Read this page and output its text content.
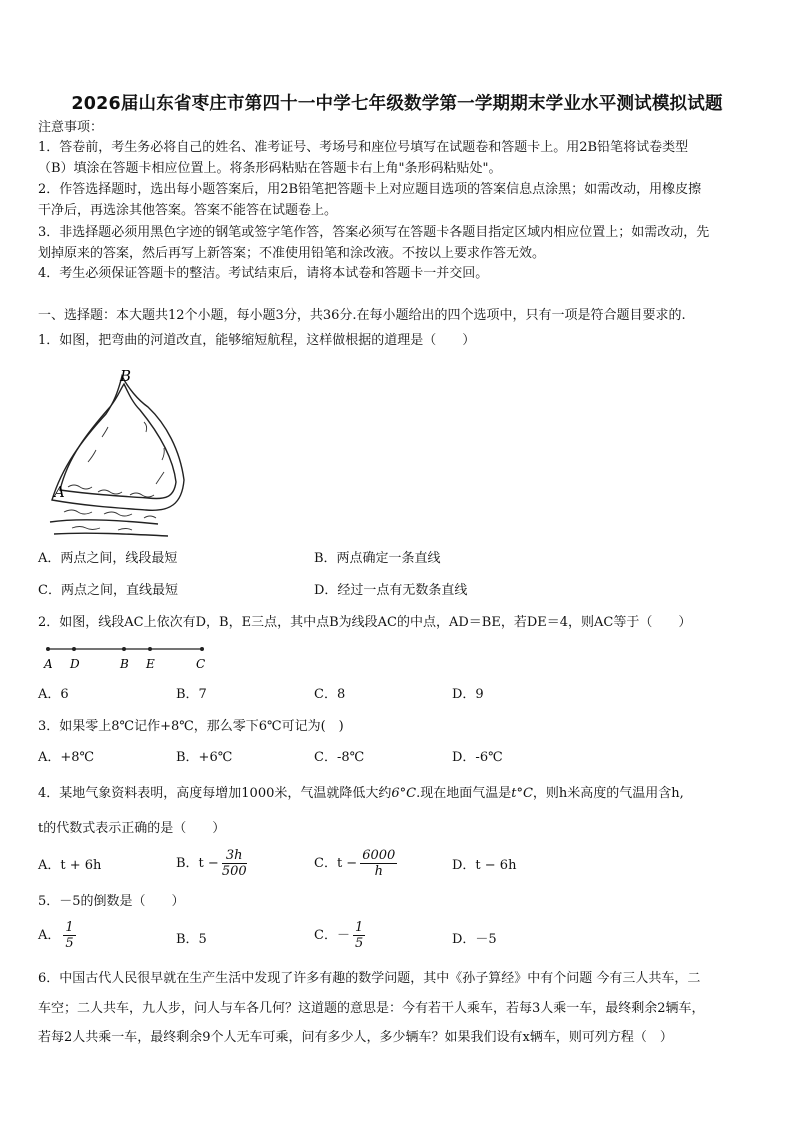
2026届山东省枣庄市第四十一中学七年级数学第一学期期末学业水平测试模拟试题
注意事项：
1．答卷前，考生务必将自己的姓名、准考证号、考场号和座位号填写在试题卷和答题卡上。用2B铅笔将试卷类型
（B）填涂在答题卡相应位置上。将条形码粘贴在答题卡右上角"条形码粘贴处"。
2．作答选择题时，选出每小题答案后，用2B铅笔把答题卡上对应题目选项的答案信息点涂黑；如需改动，用橡皮擦
干净后，再选涂其他答案。答案不能答在试题卷上。
3．非选择题必须用黑色字迹的钢笔或签字笔作答，答案必须写在答题卡各题目指定区域内相应位置上；如需改动，先
划掉原来的答案，然后再写上新答案；不准使用铅笔和涂改液。不按以上要求作答无效。
4．考生必须保证答题卡的整洁。考试结束后，请将本试卷和答题卡一并交回。
一、选择题：本大题共12个小题，每小题3分，共36分.在每小题给出的四个选项中，只有一项是符合题目要求的.
1．如图，把弯曲的河道改直，能够缩短航程，这样做根据的道理是（　　）
B
A
A．两点之间，线段最短	B．两点确定一条直线
C．两点之间，直线最短	D．经过一点有无数条直线
2．如图，线段AC上依次有D，B，E三点，其中点B为线段AC的中点，AD＝BE，若DE＝4，则AC等于（　　）
A D	B E	C
A．6	B．7	C．8	D．9
3．如果零上8℃记作+8℃，那么零下6℃可记为(　)
A．+8℃	B．+6℃	C．-8℃	D．-6℃
4．某地气象资料表明，高度每增加1000米，气温就降低大约6°C.现在地面气温是t°C，则h米高度的气温用含h,
t的代数式表示正确的是（　　）
A．t + 6h	B．$t - \frac{3h}{500}$	C．$t - \frac{6000}{h}$	D．t − 6h
5．－5的倒数是（　　）
A． $\frac{1}{5}$	B．5	C．－ $\frac{1}{5}$	D．－5
6．中国古代人民很早就在生产生活中发现了许多有趣的数学问题，其中《孙子算经》中有个问题 今有三人共车，二
车空；二人共车，九人步，问人与车各几何？这道题的意思是：今有若干人乘车，若每3人乘一车，最终剩余2辆车，
若每2人共乘一车，最终剩余9个人无车可乘，问有多少人，多少辆车？如果我们设有x辆车，则可列方程（　）
